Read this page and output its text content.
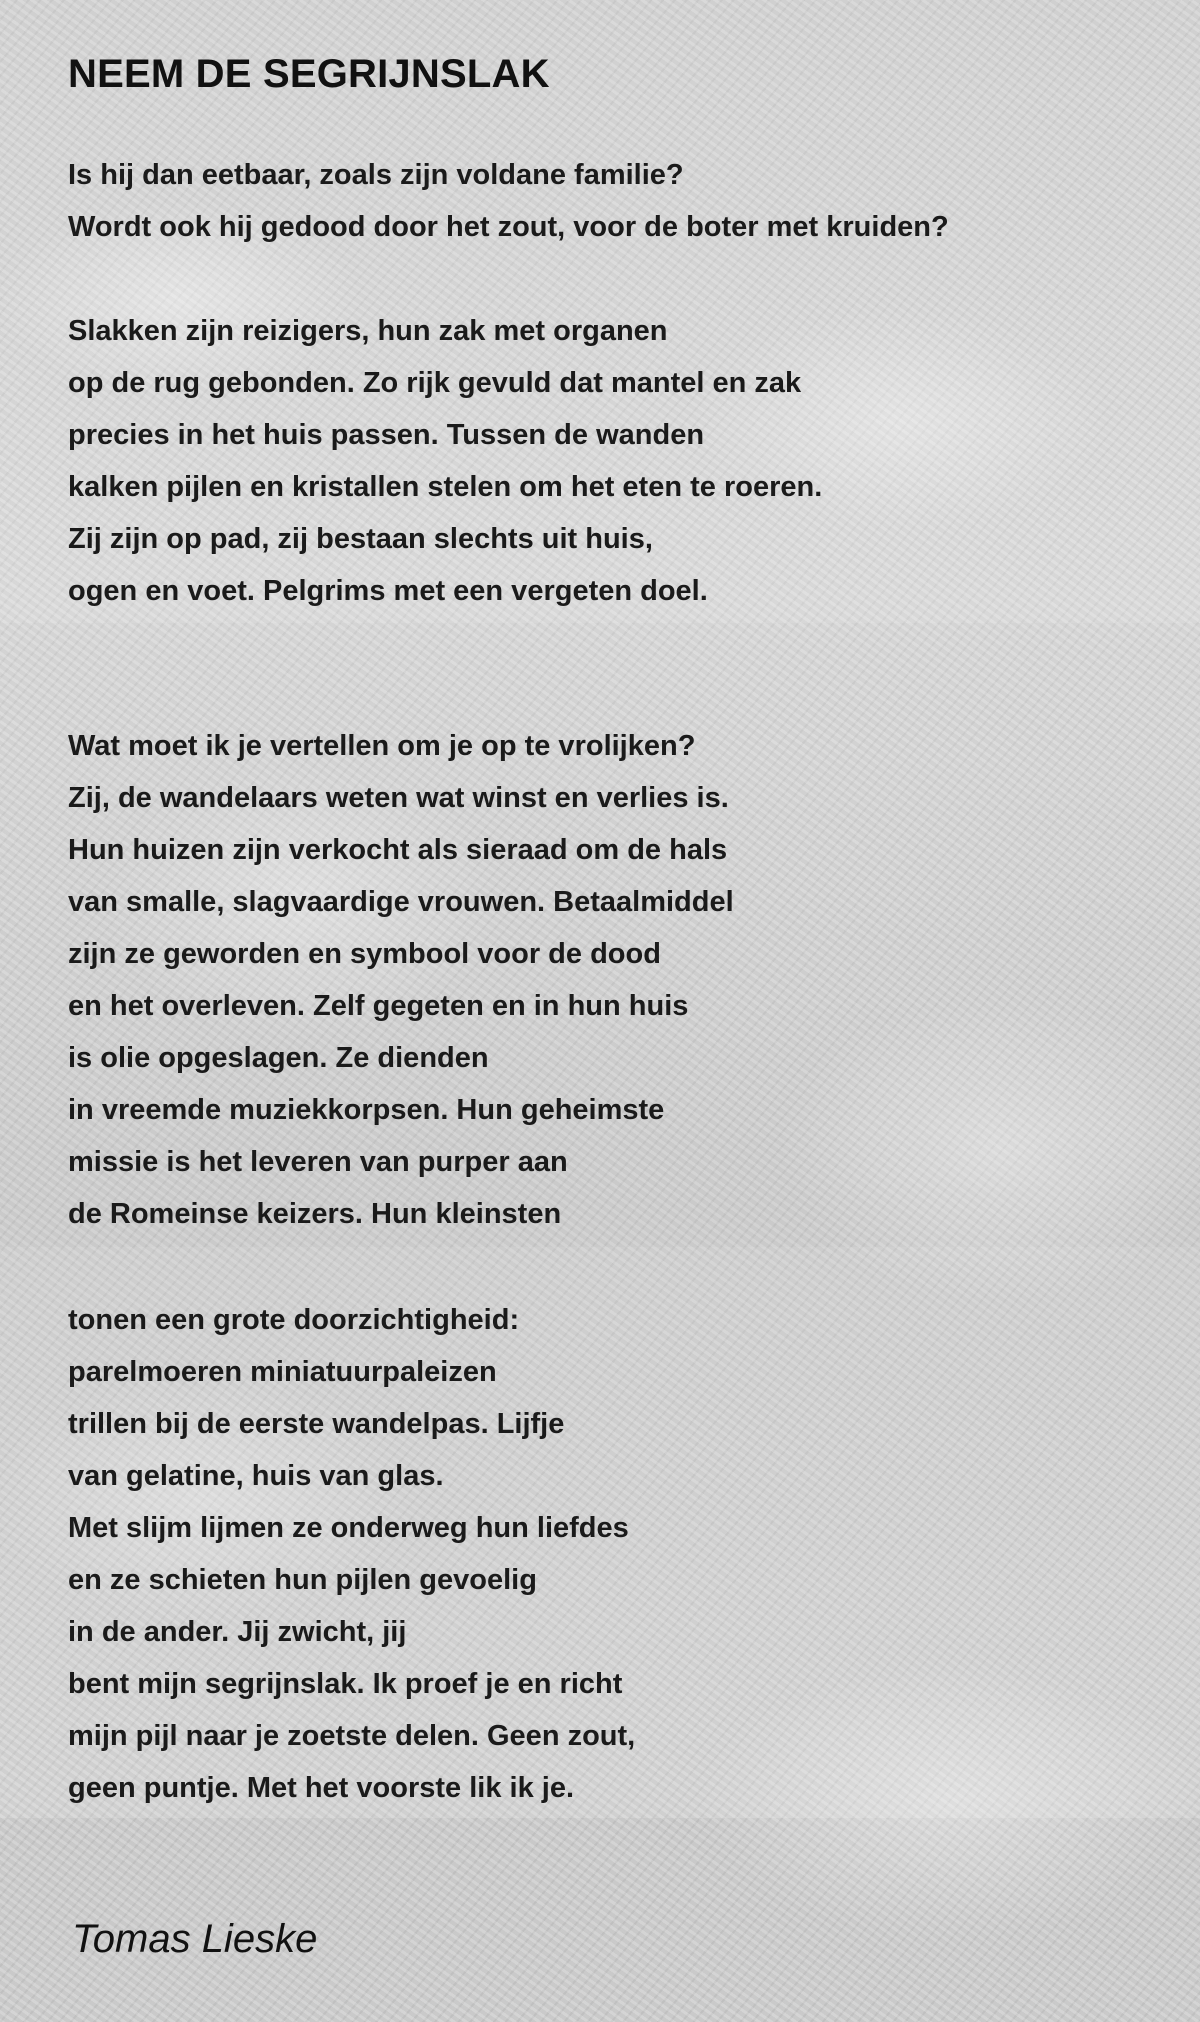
NEEM DE SEGRIJNSLAK
Is hij dan eetbaar, zoals zijn voldane familie?
Wordt ook hij gedood door het zout, voor de boter met kruiden?
Slakken zijn reizigers, hun zak met organen
op de rug gebonden. Zo rijk gevuld dat mantel en zak
precies in het huis passen. Tussen de wanden
kalken pijlen en kristallen stelen om het eten te roeren.
Zij zijn op pad, zij bestaan slechts uit huis,
ogen en voet. Pelgrims met een vergeten doel.
Wat moet ik je vertellen om je op te vrolijken?
Zij, de wandelaars weten wat winst en verlies is.
Hun huizen zijn verkocht als sieraad om de hals
van smalle, slagvaardige vrouwen. Betaalmiddel
zijn ze geworden en symbool voor de dood
en het overleven. Zelf gegeten en in hun huis
is olie opgeslagen. Ze dienden
in vreemde muziekkorpsen. Hun geheimste
missie is het leveren van purper aan
de Romeinse keizers. Hun kleinsten
tonen een grote doorzichtigheid:
parelmoeren miniatuurpaleizen
trillen bij de eerste wandelpas. Lijfje
van gelatine, huis van glas.
Met slijm lijmen ze onderweg hun liefdes
en ze schieten hun pijlen gevoelig
in de ander. Jij zwicht, jij
bent mijn segrijnslak. Ik proef je en richt
mijn pijl naar je zoetste delen. Geen zout,
geen puntje. Met het voorste lik ik je.

Tomas Lieske
